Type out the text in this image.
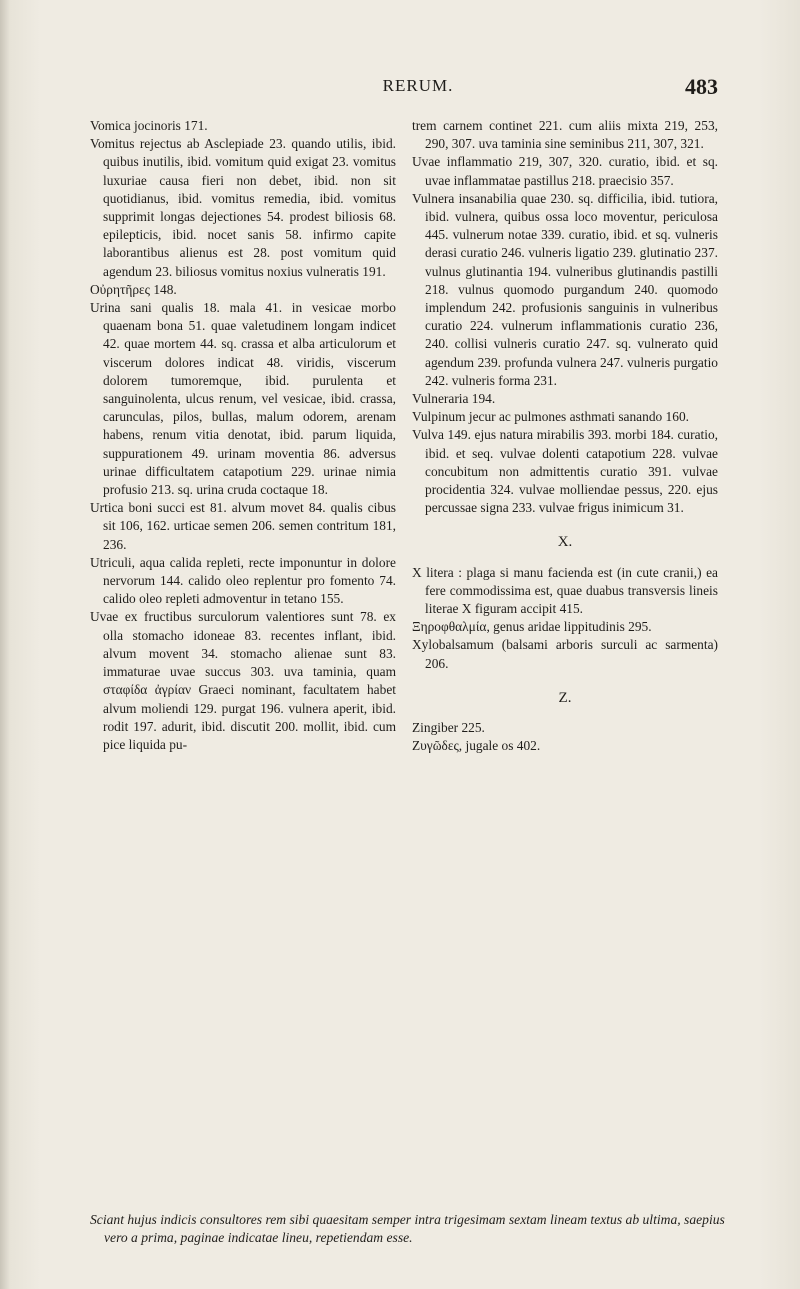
RERUM.	483

Vomica jocinoris 171.

Vomitus rejectus ab Asclepiade 23. quando utilis, ibid. quibus inutilis, ibid. vomitum quid exigat 23. vomitus luxuriae causa fieri non debet, ibid. non sit quotidianus, ibid. vomitus remedia, ibid. vomitus supprimit longas dejectiones 54. prodest biliosis 68. epilepticis, ibid. nocet sanis 58. infirmo capite laborantibus alienus est 28. post vomitum quid agendum 23. biliosus vomitus noxius vulneratis 191.

Οὐρητῆρες 148.

Urina sani qualis 18. mala 41. in vesicae morbo quaenam bona 51. quae valetudinem longam indicet 42. quae mortem 44. sq. crassa et alba articulorum et viscerum dolores indicat 48. viridis, viscerum dolorem tumoremque, ibid. purulenta et sanguinolenta, ulcus renum, vel vesicae, ibid. crassa, carunculas, pilos, bullas, malum odorem, arenam habens, renum vitia denotat, ibid. parum liquida, suppurationem 49. urinam moventia 86. adversus urinae difficultatem catapotium 229. urinae nimia profusio 213. sq. urina cruda coctaque 18.

Urtica boni succi est 81. alvum movet 84. qualis cibus sit 106, 162. urticae semen 206. semen contritum 181, 236.

Utriculi, aqua calida repleti, recte imponuntur in dolore nervorum 144. calido oleo replentur pro fomento 74. calido oleo repleti admoventur in tetano 155.

Uvae ex fructibus surculorum valentiores sunt 78. ex olla stomacho idoneae 83. recentes inflant, ibid. alvum movent 34. stomacho alienae sunt 83. immaturae uvae succus 303. uva taminia, quam σταφίδα ἀγρίαν Graeci nominant, facultatem habet alvum moliendi 129. purgat 196. vulnera aperit, ibid. rodit 197. adurit, ibid. discutit 200. mollit, ibid. cum pice liquida pu-

trem carnem continet 221. cum aliis mixta 219, 253, 290, 307. uva taminia sine seminibus 211, 307, 321.

Uvae inflammatio 219, 307, 320. curatio, ibid. et sq. uvae inflammatae pastillus 218. praecisio 357.

Vulnera insanabilia quae 230. sq. difficilia, ibid. tutiora, ibid. vulnera, quibus ossa loco moventur, periculosa 445. vulnerum notae 339. curatio, ibid. et sq. vulneris derasi curatio 246. vulneris ligatio 239. glutinatio 237. vulnus glutinantia 194. vulneribus glutinandis pastilli 218. vulnus quomodo purgandum 240. quomodo implendum 242. profusionis sanguinis in vulneribus curatio 224. vulnerum inflammationis curatio 236, 240. collisi vulneris curatio 247. sq. vulnerato quid agendum 239. profunda vulnera 247. vulneris purgatio 242. vulneris forma 231.

Vulneraria 194.

Vulpinum jecur ac pulmones asthmati sanando 160.

Vulva 149. ejus natura mirabilis 393. morbi 184. curatio, ibid. et seq. vulvae dolenti catapotium 228. vulvae concubitum non admittentis curatio 391. vulvae procidentia 324. vulvae molliendae pessus, 220. ejus percussae signa 233. vulvae frigus inimicum 31.

X.

X litera : plaga si manu facienda est (in cute cranii,) ea fere commodissima est, quae duabus transversis lineis literae X figuram accipit 415.

Ξηροφθαλμία, genus aridae lippitudinis 295.

Xylobalsamum (balsami arboris surculi ac sarmenta) 206.

Z.

Zingiber 225.

Ζυγῶδες, jugale os 402.

Sciant hujus indicis consultores rem sibi quaesitam semper intra trigesimam sextam lineam textus ab ultima, saepius vero a prima, paginae indicatae lineu, repetiendam esse.
